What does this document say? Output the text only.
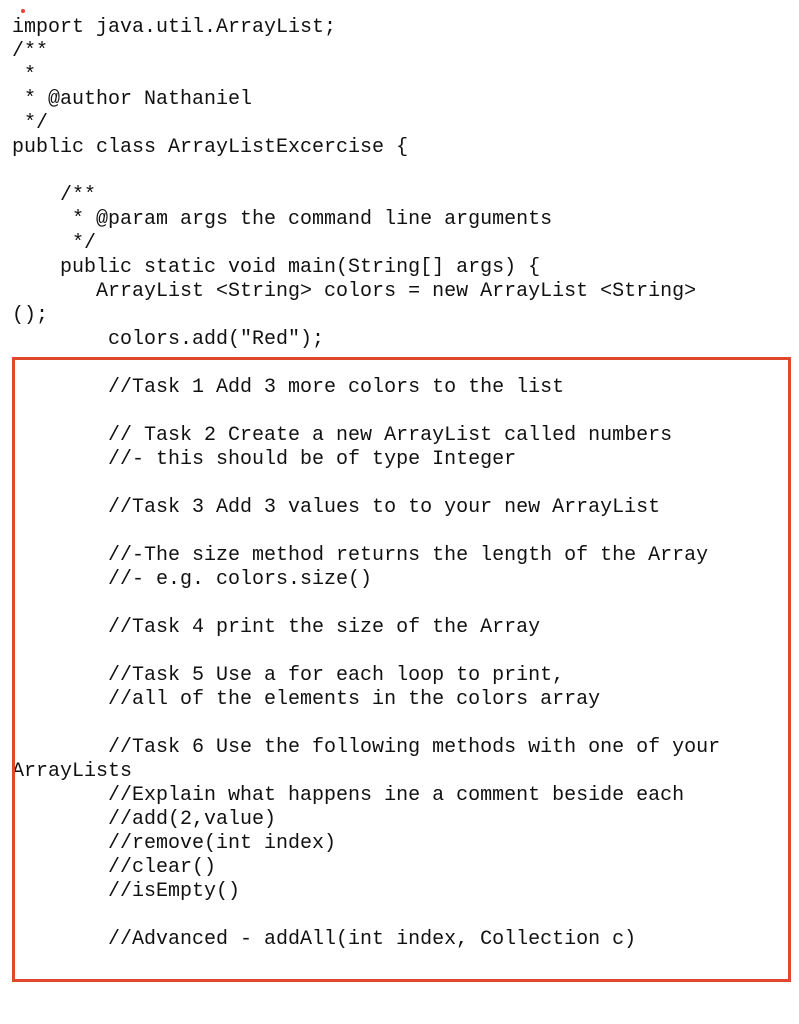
import java.util.ArrayList;
/**
*
* @author Nathaniel
*/
public class ArrayListExcercise {
/**
* @param args the command line arguments
*/
public static void main(String[] args) {
ArrayList <String> colors = new ArrayList <String>
();
colors.add("Red");
//Task 1 Add 3 more colors to the list
// Task 2 Create a new ArrayList called numbers
//- this should be of type Integer
//Task 3 Add 3 values to to your new ArrayList
//-The size method returns the length of the Array
//- e.g. colors.size()
//Task 4 print the size of the Array
//Task 5 Use a for each loop to print,
//all of the elements in the colors array
//Task 6 Use the following methods with one of your
ArrayLists
//Explain what happens ine a comment beside each
//add(2,value)
//remove(int index)
//clear()
//isEmpty()
//Advanced - addAll(int index, Collection c)
